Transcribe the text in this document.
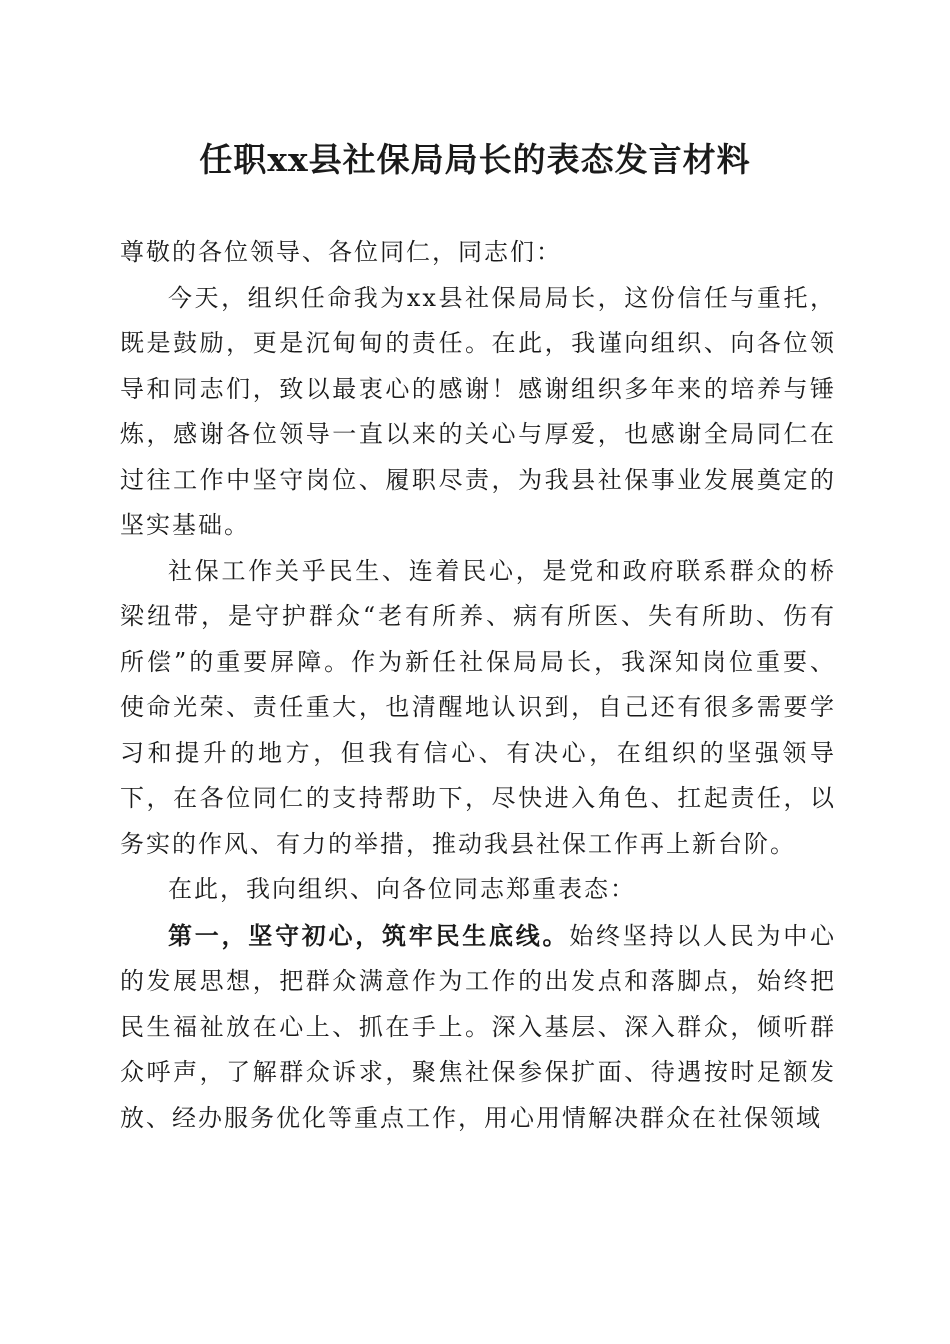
任职xx县社保局局长的表态发言材料

尊敬的各位领导、各位同仁，同志们：

今天，组织任命我为xx县社保局局长，这份信任与重托，既是鼓励，更是沉甸甸的责任。在此，我谨向组织、向各位领导和同志们，致以最衷心的感谢！感谢组织多年来的培养与锤炼，感谢各位领导一直以来的关心与厚爱，也感谢全局同仁在过往工作中坚守岗位、履职尽责，为我县社保事业发展奠定的坚实基础。

社保工作关乎民生、连着民心，是党和政府联系群众的桥梁纽带，是守护群众“老有所养、病有所医、失有所助、伤有所偿”的重要屏障。作为新任社保局局长，我深知岗位重要、使命光荣、责任重大，也清醒地认识到，自己还有很多需要学习和提升的地方，但我有信心、有决心，在组织的坚强领导下，在各位同仁的支持帮助下，尽快进入角色、扛起责任，以务实的作风、有力的举措，推动我县社保工作再上新台阶。

在此，我向组织、向各位同志郑重表态：

第一，坚守初心，筑牢民生底线。始终坚持以人民为中心的发展思想，把群众满意作为工作的出发点和落脚点，始终把民生福祉放在心上、抓在手上。深入基层、深入群众，倾听群众呼声，了解群众诉求，聚焦社保参保扩面、待遇按时足额发放、经办服务优化等重点工作，用心用情解决群众在社保领域
